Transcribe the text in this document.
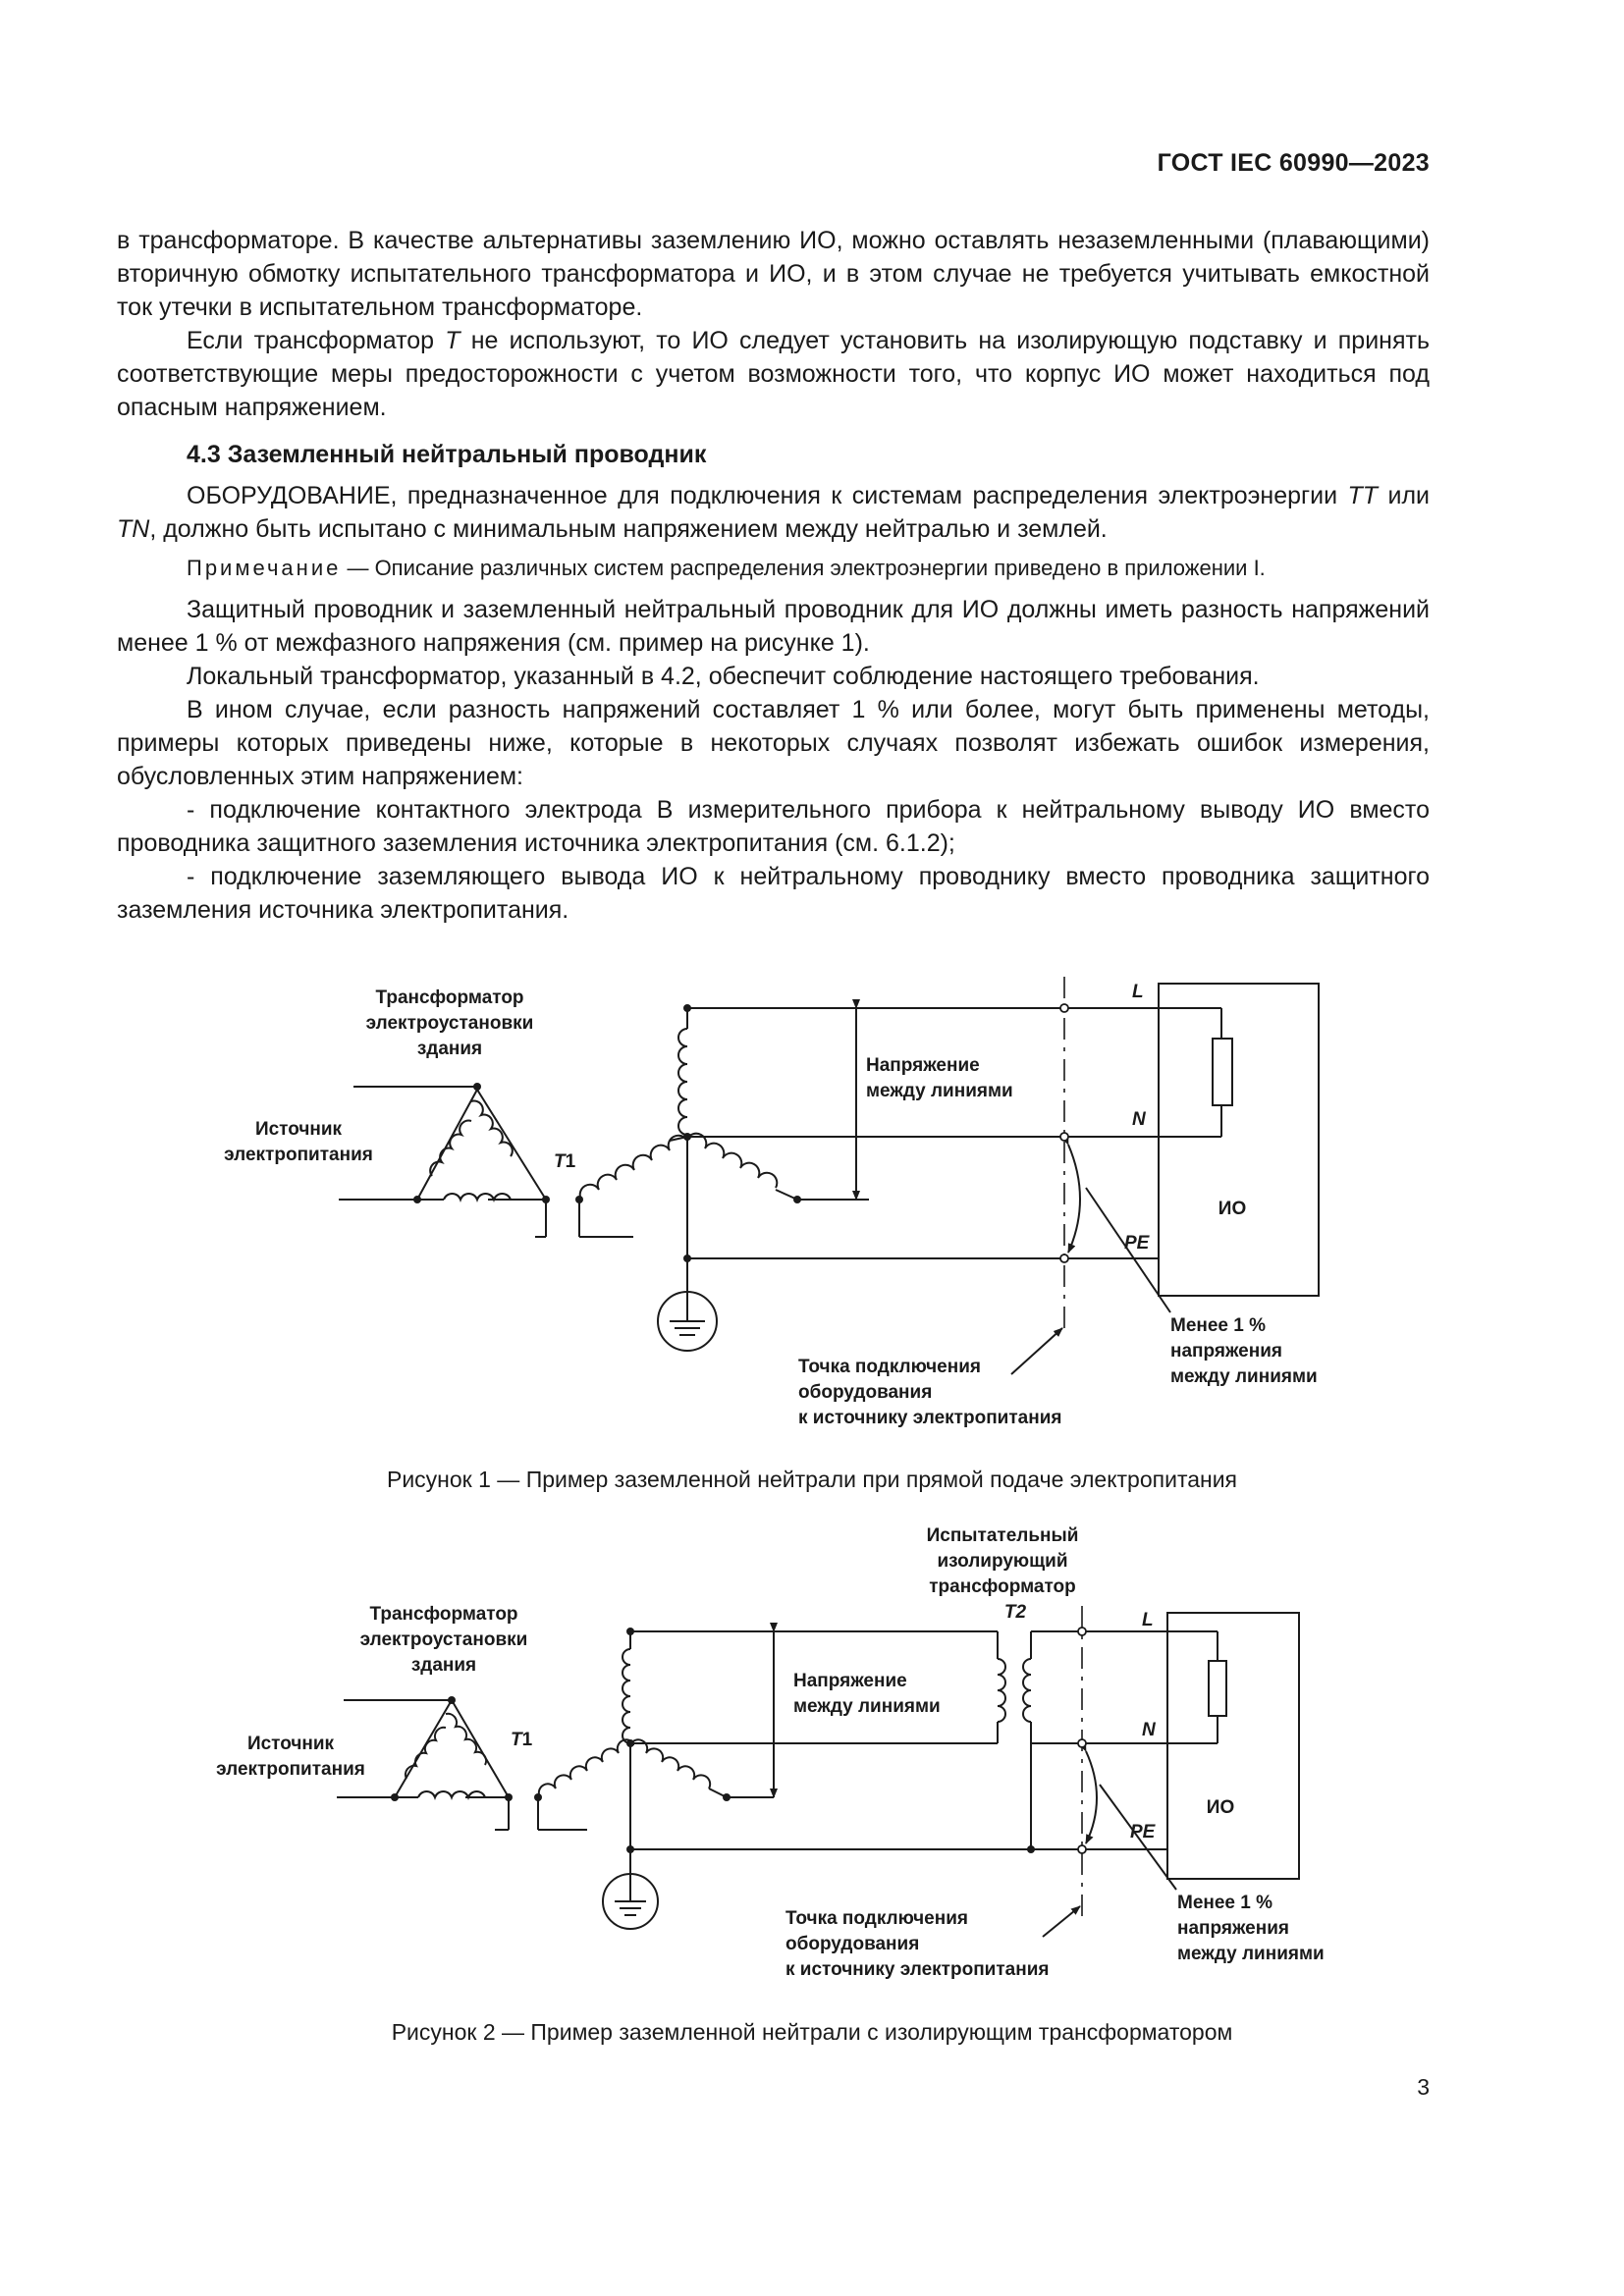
ГОСТ IEC 60990—2023

в трансформаторе. В качестве альтернативы заземлению ИО, можно оставлять незаземленными (плавающими) вторичную обмотку испытательного трансформатора и ИО, и в этом случае не требуется учитывать емкостной ток утечки в испытательном трансформаторе.

Если трансформатор T не используют, то ИО следует установить на изолирующую подставку и принять соответствующие меры предосторожности с учетом возможности того, что корпус ИО может находиться под опасным напряжением.

4.3 Заземленный нейтральный проводник

ОБОРУДОВАНИЕ, предназначенное для подключения к системам распределения электроэнергии TT или TN, должно быть испытано с минимальным напряжением между нейтралью и землей.

Примечание — Описание различных систем распределения электроэнергии приведено в приложении I.

Защитный проводник и заземленный нейтральный проводник для ИО должны иметь разность напряжений менее 1 % от межфазного напряжения (см. пример на рисунке 1).

Локальный трансформатор, указанный в 4.2, обеспечит соблюдение настоящего требования.

В ином случае, если разность напряжений составляет 1 % или более, могут быть применены методы, примеры которых приведены ниже, которые в некоторых случаях позволят избежать ошибок измерения, обусловленных этим напряжением:

- подключение контактного электрода B измерительного прибора к нейтральному выводу ИО вместо проводника защитного заземления источника электропитания (см. 6.1.2);

- подключение заземляющего вывода ИО к нейтральному проводнику вместо проводника защитного заземления источника электропитания.

Трансформатор
электроустановки
здания
Источник
электропитания	T1
Напряжение
между линиями
L
N
PE
ИО
Менее 1 %
напряжения
между линиями
Точка подключения
оборудования
к источнику электропитания
Рисунок 1 — Пример заземленной нейтрали при прямой подаче электропитания
Испытательный
изолирующий
трансформатор
T2
Трансформатор
электроустановки
здания
Источник
электропитания
T1
Напряжение
между линиями
L
N
PE
ИО
Менее 1 %
напряжения
между линиями
Точка подключения
оборудования
к источнику электропитания
Рисунок 2 — Пример заземленной нейтрали с изолирующим трансформатором
3
